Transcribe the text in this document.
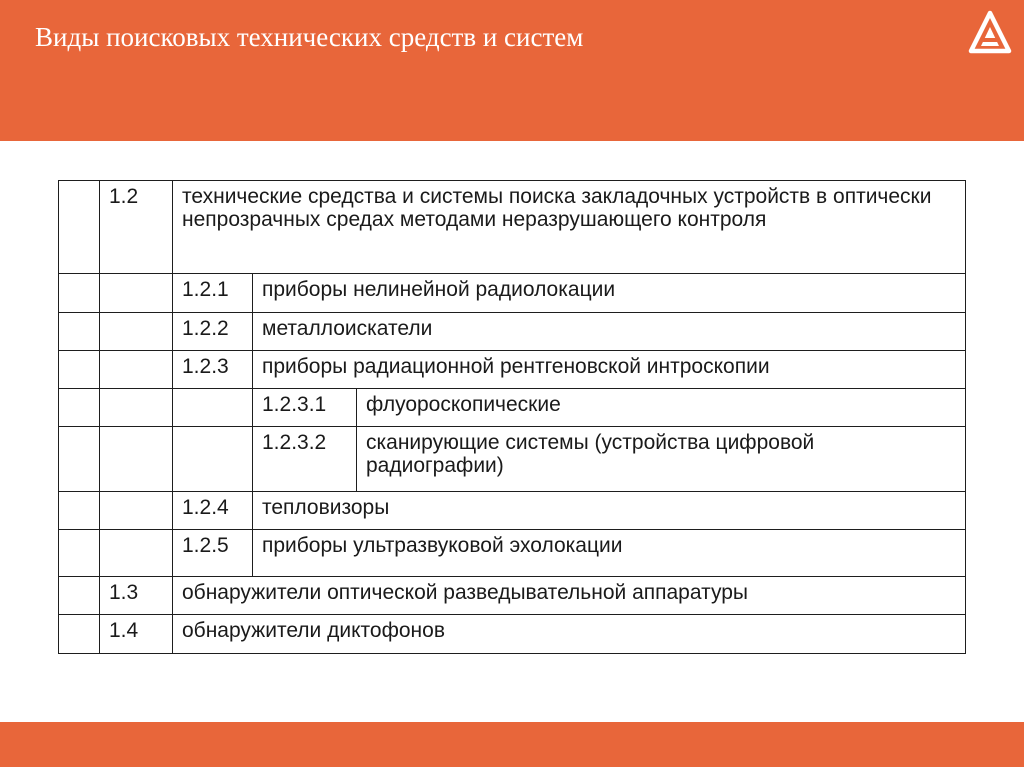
Виды поисковых технических средств и систем
	1.2	технические средства и системы поиска закладочных устройств в оптически непрозрачных средах методами неразрушающего контроля		
		1.2.1	приборы нелинейной радиолокации	
		1.2.2	металлоискатели	
		1.2.3	приборы радиационной рентгеновской интроскопии	
			1.2.3.1	флуороскопические
			1.2.3.2	сканирующие системы (устройства цифровой радиографии)
		1.2.4	тепловизоры	
		1.2.5	приборы ультразвуковой эхолокации	
	1.3	обнаружители оптической разведывательной аппаратуры		
	1.4	обнаружители диктофонов		
